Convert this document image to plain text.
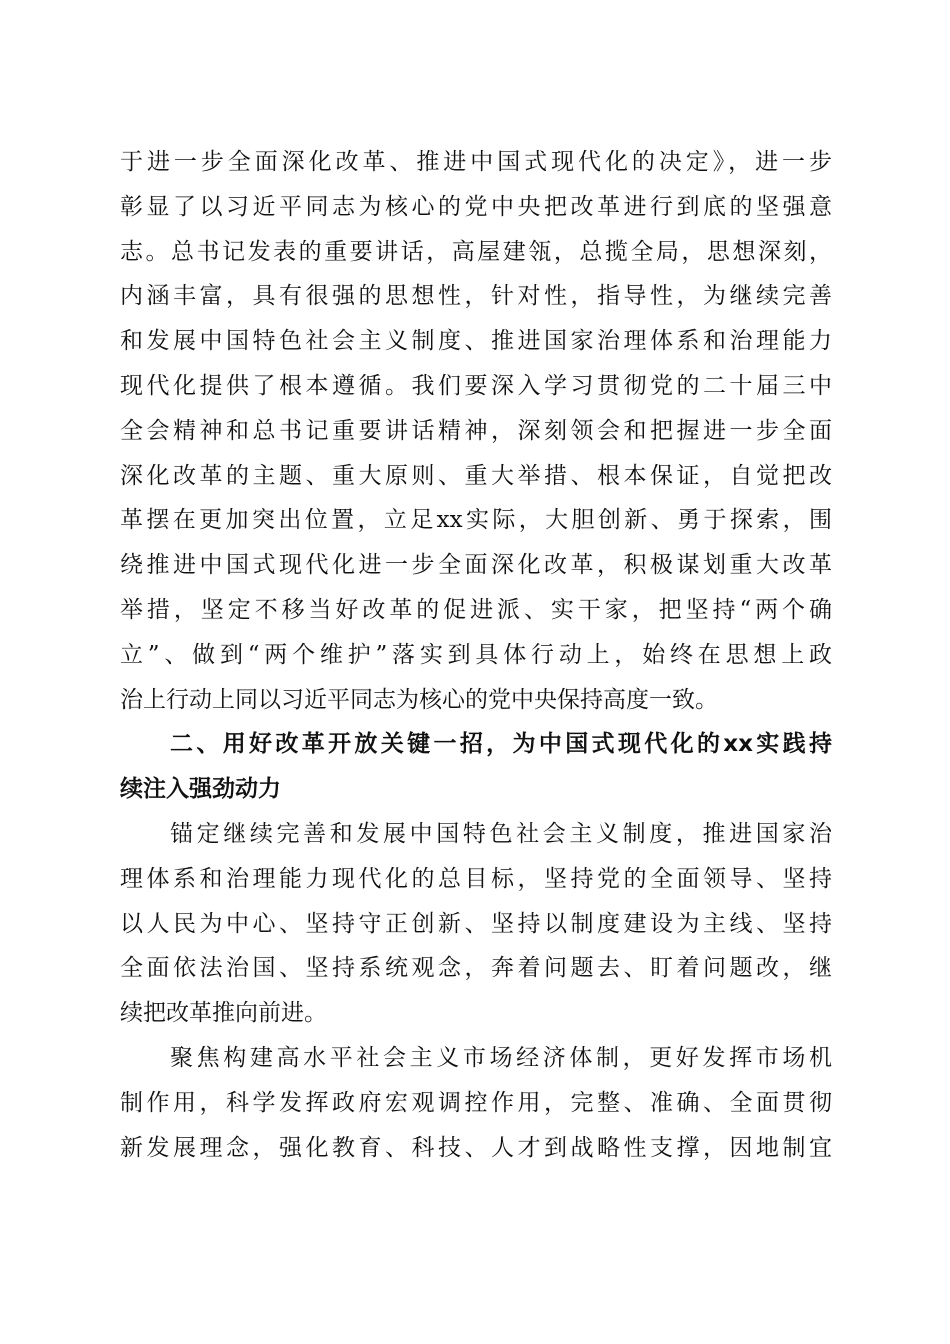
于进一步全面深化改革、推进中国式现代化的决定》，进一步
彰显了以习近平同志为核心的党中央把改革进行到底的坚强意
志。总书记发表的重要讲话，高屋建瓴，总揽全局，思想深刻，
内涵丰富，具有很强的思想性，针对性，指导性，为继续完善
和发展中国特色社会主义制度、推进国家治理体系和治理能力
现代化提供了根本遵循。我们要深入学习贯彻党的二十届三中
全会精神和总书记重要讲话精神，深刻领会和把握进一步全面
深化改革的主题、重大原则、重大举措、根本保证，自觉把改
革摆在更加突出位置，立足xx实际，大胆创新、勇于探索，围
绕推进中国式现代化进一步全面深化改革，积极谋划重大改革
举措，坚定不移当好改革的促进派、实干家，把坚持“两个确
立”、做到“两个维护”落实到具体行动上，始终在思想上政
治上行动上同以习近平同志为核心的党中央保持高度一致。
二、用好改革开放关键一招，为中国式现代化的xx实践持
续注入强劲动力
锚定继续完善和发展中国特色社会主义制度，推进国家治
理体系和治理能力现代化的总目标，坚持党的全面领导、坚持
以人民为中心、坚持守正创新、坚持以制度建设为主线、坚持
全面依法治国、坚持系统观念，奔着问题去、盯着问题改，继
续把改革推向前进。
聚焦构建高水平社会主义市场经济体制，更好发挥市场机
制作用，科学发挥政府宏观调控作用，完整、准确、全面贯彻
新发展理念，强化教育、科技、人才到战略性支撑，因地制宜
